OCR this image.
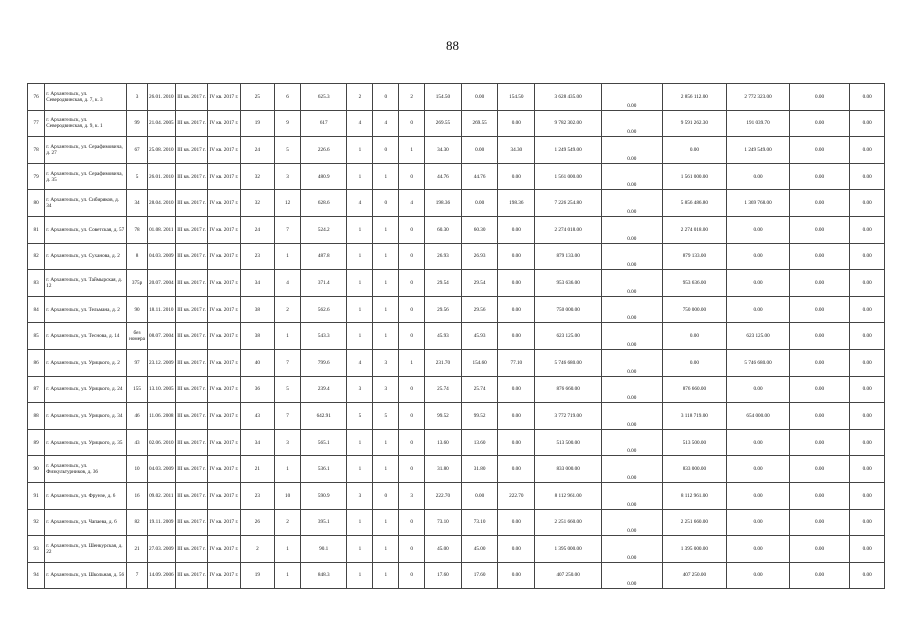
88
76	г. Архангельск, ул. Северодвинская, д. 7, к. 3	3	26.01. 2010	III кв. 2017 г.	IV кв. 2017 г.	25	6	625.3	2	0	2	154.50	0.00	154.50	3 628 435.00	0.00	2 856 112.00	2 772 323.00	0.00	0.00
77	г. Архангельск, ул. Северодвинская, д. 9, к. 1	99	21.04. 2005	III кв. 2017 г.	IV кв. 2017 г.	19	9	617	4	4	0	269.55	269.55	0.00	9 782 302.00	0.00	9 591 262.30	191 039.70	0.00	0.00
78	г. Архангельск, ул. Серафимовича, д. 27	67	25.08. 2010	III кв. 2017 г.	IV кв. 2017 г.	24	5	226.6	1	0	1	34.30	0.00	34.30	1 249 549.00	0.00	0.00	1 249 549.00	0.00	0.00
79	г. Архангельск, ул. Серафимовича, д. 35	5	26.01. 2010	III кв. 2017 г.	IV кв. 2017 г.	32	3	480.9	1	1	0	44.76	44.76	0.00	1 561 000.00	0.00	1 561 000.00	0.00	0.00	0.00
80	г. Архангельск, ул. Сибиряков, д. 34	34	28.04. 2010	III кв. 2017 г.	IV кв. 2017 г.	32	12	628.6	4	0	4	198.36	0.00	198.36	7 226 254.80	0.00	5 856 486.80	1 369 768.00	0.00	0.00
81	г. Архангельск, ул. Советская, д. 57	78	01.08. 2011	III кв. 2017 г.	IV кв. 2017 г.	24	7	524.2	1	1	0	60.30	60.30	0.00	2 274 018.00	0.00	2 274 018.00	0.00	0.00	0.00
82	г. Архангельск, ул. Суханова, д. 2	8	04.03. 2009	III кв. 2017 г.	IV кв. 2017 г.	23	1	487.8	1	1	0	26.93	26.93	0.00	879 133.00	0.00	879 133.00	0.00	0.00	0.00
83	г. Архангельск, ул. Таймырская, д. 12	375р	20.07. 2004	III кв. 2017 г.	IV кв. 2017 г.	34	4	371.4	1	1	0	29.54	29.54	0.00	953 636.00	0.00	953 636.00	0.00	0.00	0.00
84	г. Архангельск, ул. Тельмана, д. 2	90	18.11. 2010	III кв. 2017 г.	IV кв. 2017 г.	38	2	562.6	1	1	0	29.56	29.56	0.00	750 000.00	0.00	750 000.00	0.00	0.00	0.00
85	г. Архангельск, ул. Теснова, д. 14	без номера	08.07. 2004	III кв. 2017 г.	IV кв. 2017 г.	38	1	543.3	1	1	0	45.93	45.93	0.00	623 125.00	0.00	0.00	623 125.00	0.00	0.00
86	г. Архангельск, ул. Урицкого, д. 2	97	23.12. 2009	III кв. 2017 г.	IV кв. 2017 г.	40	7	799.6	4	3	1	231.70	154.60	77.10	5 746 680.00	0.00	0.00	5 746 680.00	0.00	0.00
87	г. Архангельск, ул. Урицкого, д. 24	155	13.10. 2005	III кв. 2017 г.	IV кв. 2017 г.	36	5	239.4	3	3	0	25.74	25.74	0.00	876 660.00	0.00	876 660.00	0.00	0.00	0.00
88	г. Архангельск, ул. Урицкого, д. 34	46	11.06. 2008	III кв. 2017 г.	IV кв. 2017 г.	43	7	642.91	5	5	0	99.52	99.52	0.00	3 772 719.00	0.00	3 118 719.00	654 000.00	0.00	0.00
89	г. Архангельск, ул. Урицкого, д. 35	43	02.06. 2010	III кв. 2017 г.	IV кв. 2017 г.	34	3	565.1	1	1	0	13.60	13.60	0.00	513 500.00	0.00	513 500.00	0.00	0.00	0.00
90	г. Архангельск, ул. Физкультурников, д. 36	10	04.03. 2009	III кв. 2017 г.	IV кв. 2017 г.	21	1	536.1	1	1	0	31.80	31.80	0.00	833 000.00	0.00	833 000.00	0.00	0.00	0.00
91	г. Архангельск, ул. Фрунзе, д. 6	16	09.02. 2011	III кв. 2017 г.	IV кв. 2017 г.	23	10	590.9	3	0	3	222.70	0.00	222.70	8 112 961.00	0.00	8 112 961.00	0.00	0.00	0.00
92	г. Архангельск, ул. Чапаева, д. 6	82	19.11. 2009	III кв. 2017 г.	IV кв. 2017 г.	26	2	395.1	1	1	0	73.10	73.10	0.00	2 251 660.00	0.00	2 251 660.00	0.00	0.00	0.00
93	г. Архангельск, ул. Шенкурская, д. 22	21	27.03. 2009	III кв. 2017 г.	IV кв. 2017 г.	2	1	90.1	1	1	0	45.00	45.00	0.00	1 395 000.00	0.00	1 395 000.00	0.00	0.00	0.00
94	г. Архангельск, ул. Школьная, д. 56	7	14.09. 2006	III кв. 2017 г.	IV кв. 2017 г.	19	1	848.3	1	1	0	17.60	17.60	0.00	407 250.00	0.00	407 250.00	0.00	0.00	0.00
